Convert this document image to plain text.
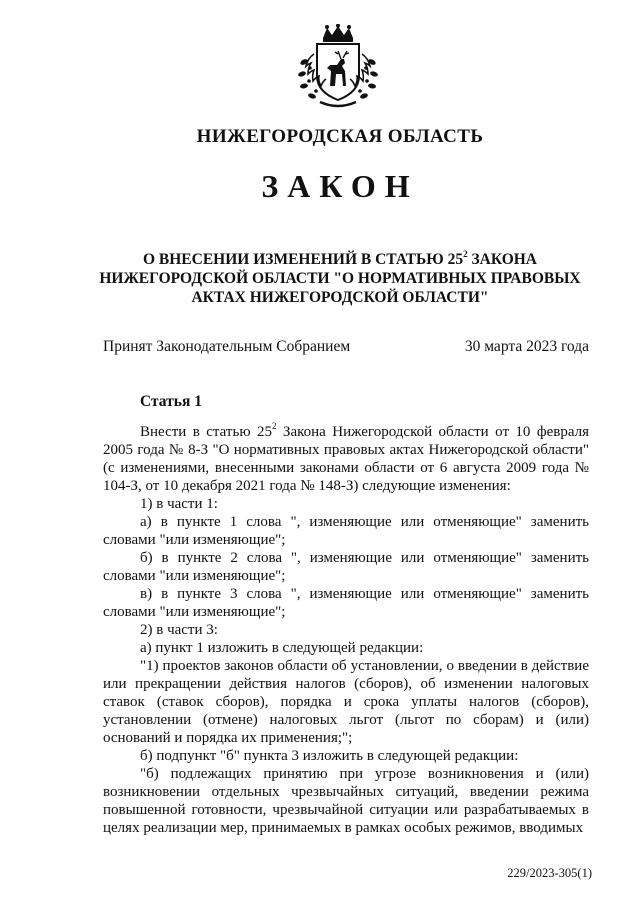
НИЖЕГОРОДСКАЯ ОБЛАСТЬ
ЗАКОН
О ВНЕСЕНИИ ИЗМЕНЕНИЙ В СТАТЬЮ $25^2$ ЗАКОНА НИЖЕГОРОДСКОЙ ОБЛАСТИ "О НОРМАТИВНЫХ ПРАВОВЫХ АКТАХ НИЖЕГОРОДСКОЙ ОБЛАСТИ"
Принят Законодательным Собранием	30 марта 2023 года
Статья 1

Внести в статью $25^2$ Закона Нижегородской области от 10 февраля 2005 года № 8-З "О нормативных правовых актах Нижегородской области" (с изменениями, внесенными законами области от 6 августа 2009 года № 104-З, от 10 декабря 2021 года № 148-З) следующие изменения:

1) в части 1:

а) в пункте 1 слова ", изменяющие или отменяющие" заменить словами "или изменяющие";

б) в пункте 2 слова ", изменяющие или отменяющие" заменить словами "или изменяющие";

в) в пункте 3 слова ", изменяющие или отменяющие" заменить словами "или изменяющие";

2) в части 3:

а) пункт 1 изложить в следующей редакции:

"1) проектов законов области об установлении, о введении в действие или прекращении действия налогов (сборов), об изменении налоговых ставок (ставок сборов), порядка и срока уплаты налогов (сборов), установлении (отмене) налоговых льгот (льгот по сборам) и (или) оснований и порядка их применения;";

б) подпункт "б" пункта 3 изложить в следующей редакции:

"б) подлежащих принятию при угрозе возникновения и (или) возникновении отдельных чрезвычайных ситуаций, введении режима повышенной готовности, чрезвычайной ситуации или разрабатываемых в целях реализации мер, принимаемых в рамках особых режимов, вводимых

229/2023-305(1)
